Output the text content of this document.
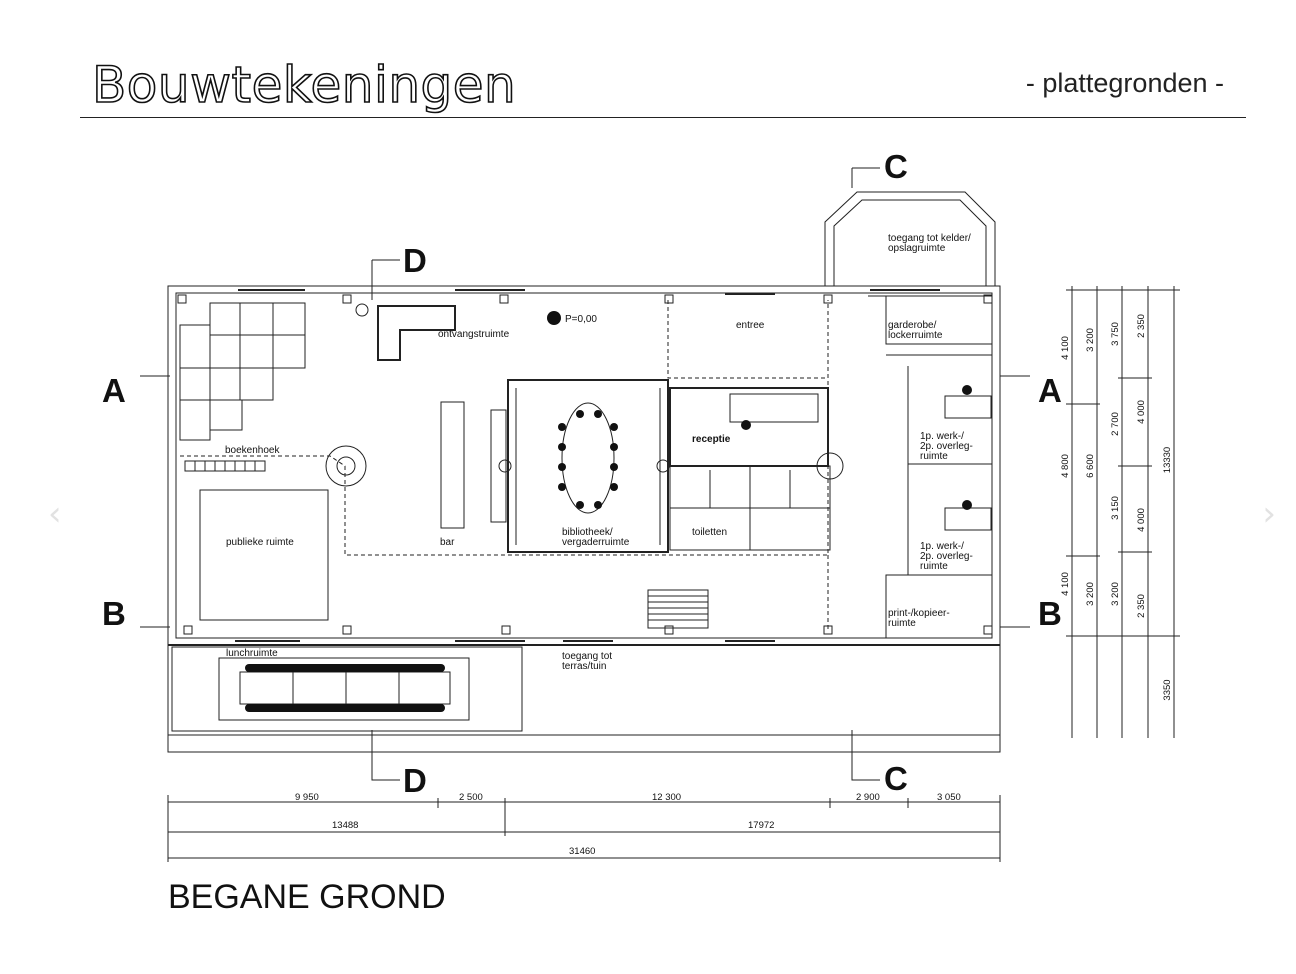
Bouwtekeningen	- plattegronden -
‹	›
A	A
B	B
C
C
D
D
P=0,00
ontvangstruimte
entree
toegang tot kelder/
opslagruimte
garderobe/
lockerruimte
boekenhoek
receptie	1p. werk-/
2p. overleg-
ruimte
1p. werk-/
2p. overleg-
ruimte
publieke ruimte	bar
bibliotheek/
vergaderruimte
toiletten
print-/kopieer-
ruimte
lunchruimte	toegang tot
terras/tuin
9 950	2 500	12 300	2 900	3 050
13488	17972
31460
4 100
4 800
4 100
3 200
6 600
3 200
3 750
2 700
3 150
3 200
2 350
4 000
4 000
2 350
13330
3350
BEGANE GROND
